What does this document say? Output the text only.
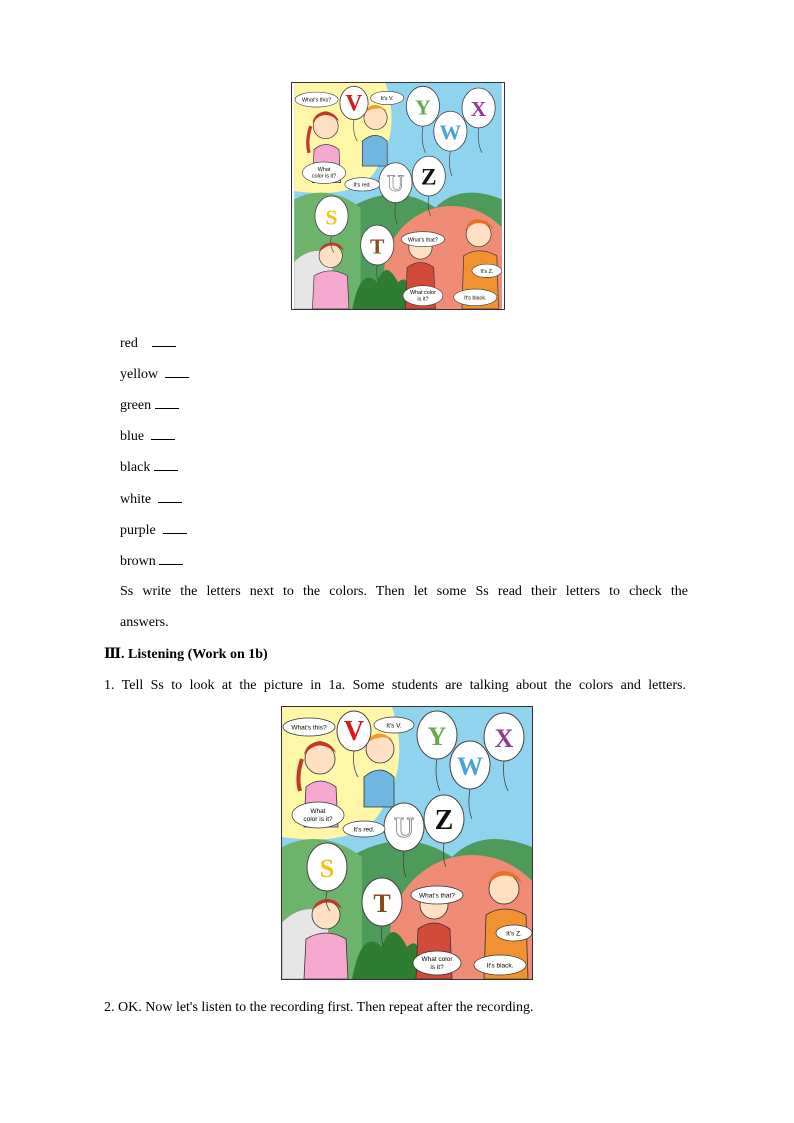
V Y X
W
U Z
S
T
What's this?	It's V.
What
color is it?
It's red.
What's that?
It's Z.
What color
is it?	It's black.
red
yellow
green
blue
black
white
purple
brown
Ss write the letters next to the colors. Then let some Ss read their letters to check the
answers.
Ⅲ. Listening (Work on 1b)
1. Tell Ss to look at the picture in 1a. Some students are talking about the colors and letters.
V Y X
W
U Z
S
T
What's this?	It's V.
What
color is it?
It's red.
What's that?
It's Z.
What color
is it?	It's black.
2. OK. Now let's listen to the recording first. Then repeat after the recording.
